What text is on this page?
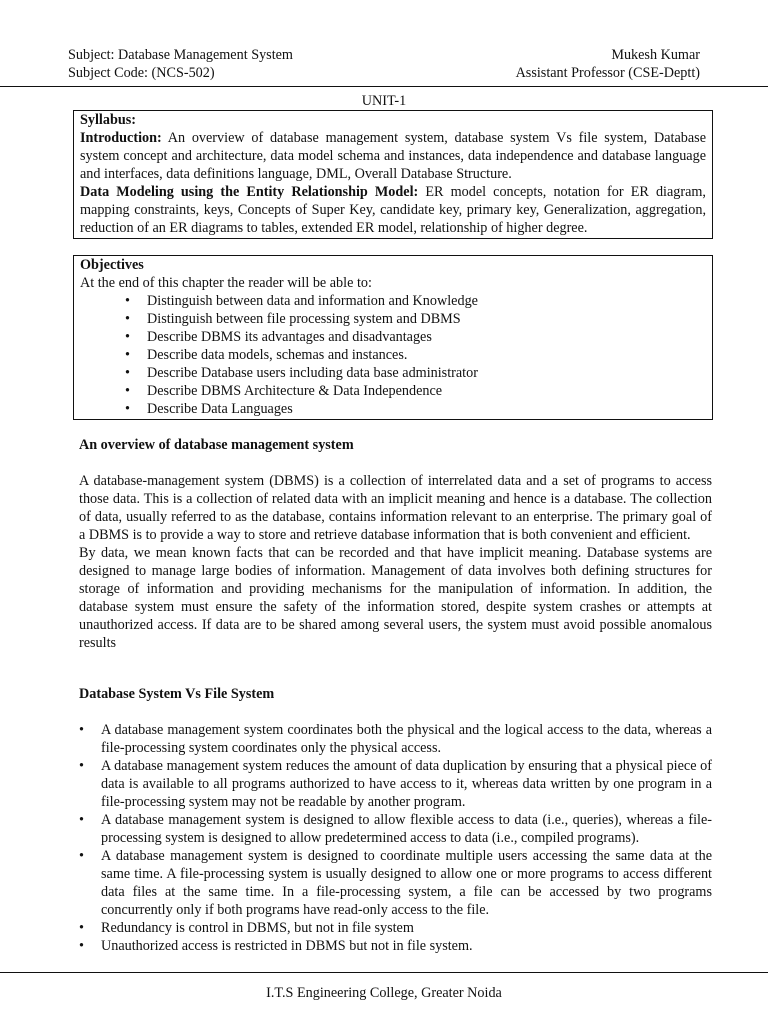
Subject: Database Management System	Mukesh Kumar
Subject Code: (NCS-502)	Assistant Professor (CSE-Deptt)
UNIT-1
Syllabus:
Introduction: An overview of database management system, database system Vs file system, Database system concept and architecture, data model schema and instances, data independence and database language and interfaces, data definitions language, DML, Overall Database Structure.
Data Modeling using the Entity Relationship Model: ER model concepts, notation for ER diagram, mapping constraints, keys, Concepts of Super Key, candidate key, primary key, Generalization, aggregation, reduction of an ER diagrams to tables, extended ER model, relationship of higher degree.
Objectives
At the end of this chapter the reader will be able to:
• Distinguish between data and information and Knowledge
• Distinguish between file processing system and DBMS
• Describe DBMS its advantages and disadvantages
• Describe data models, schemas and instances.
• Describe Database users including data base administrator
• Describe DBMS Architecture & Data Independence
• Describe Data Languages
An overview of database management system
A database-management system (DBMS) is a collection of interrelated data and a set of programs to access those data. This is a collection of related data with an implicit meaning and hence is a database. The collection of data, usually referred to as the database, contains information relevant to an enterprise. The primary goal of a DBMS is to provide a way to store and retrieve database information that is both convenient and efficient.
By data, we mean known facts that can be recorded and that have implicit meaning. Database systems are designed to manage large bodies of information. Management of data involves both defining structures for storage of information and providing mechanisms for the manipulation of information. In addition, the database system must ensure the safety of the information stored, despite system crashes or attempts at unauthorized access. If data are to be shared among several users, the system must avoid possible anomalous results
Database System Vs File System
• A database management system coordinates both the physical and the logical access to the data, whereas a file-processing system coordinates only the physical access.
• A database management system reduces the amount of data duplication by ensuring that a physical piece of data is available to all programs authorized to have access to it, whereas data written by one program in a file-processing system may not be readable by another program.
• A database management system is designed to allow flexible access to data (i.e., queries), whereas a file-processing system is designed to allow predetermined access to data (i.e., compiled programs).
• A database management system is designed to coordinate multiple users accessing the same data at the same time. A file-processing system is usually designed to allow one or more programs to access different data files at the same time. In a file-processing system, a file can be accessed by two programs concurrently only if both programs have read-only access to the file.
• Redundancy is control in DBMS, but not in file system
• Unauthorized access is restricted in DBMS but not in file system.
I.T.S Engineering College, Greater Noida
